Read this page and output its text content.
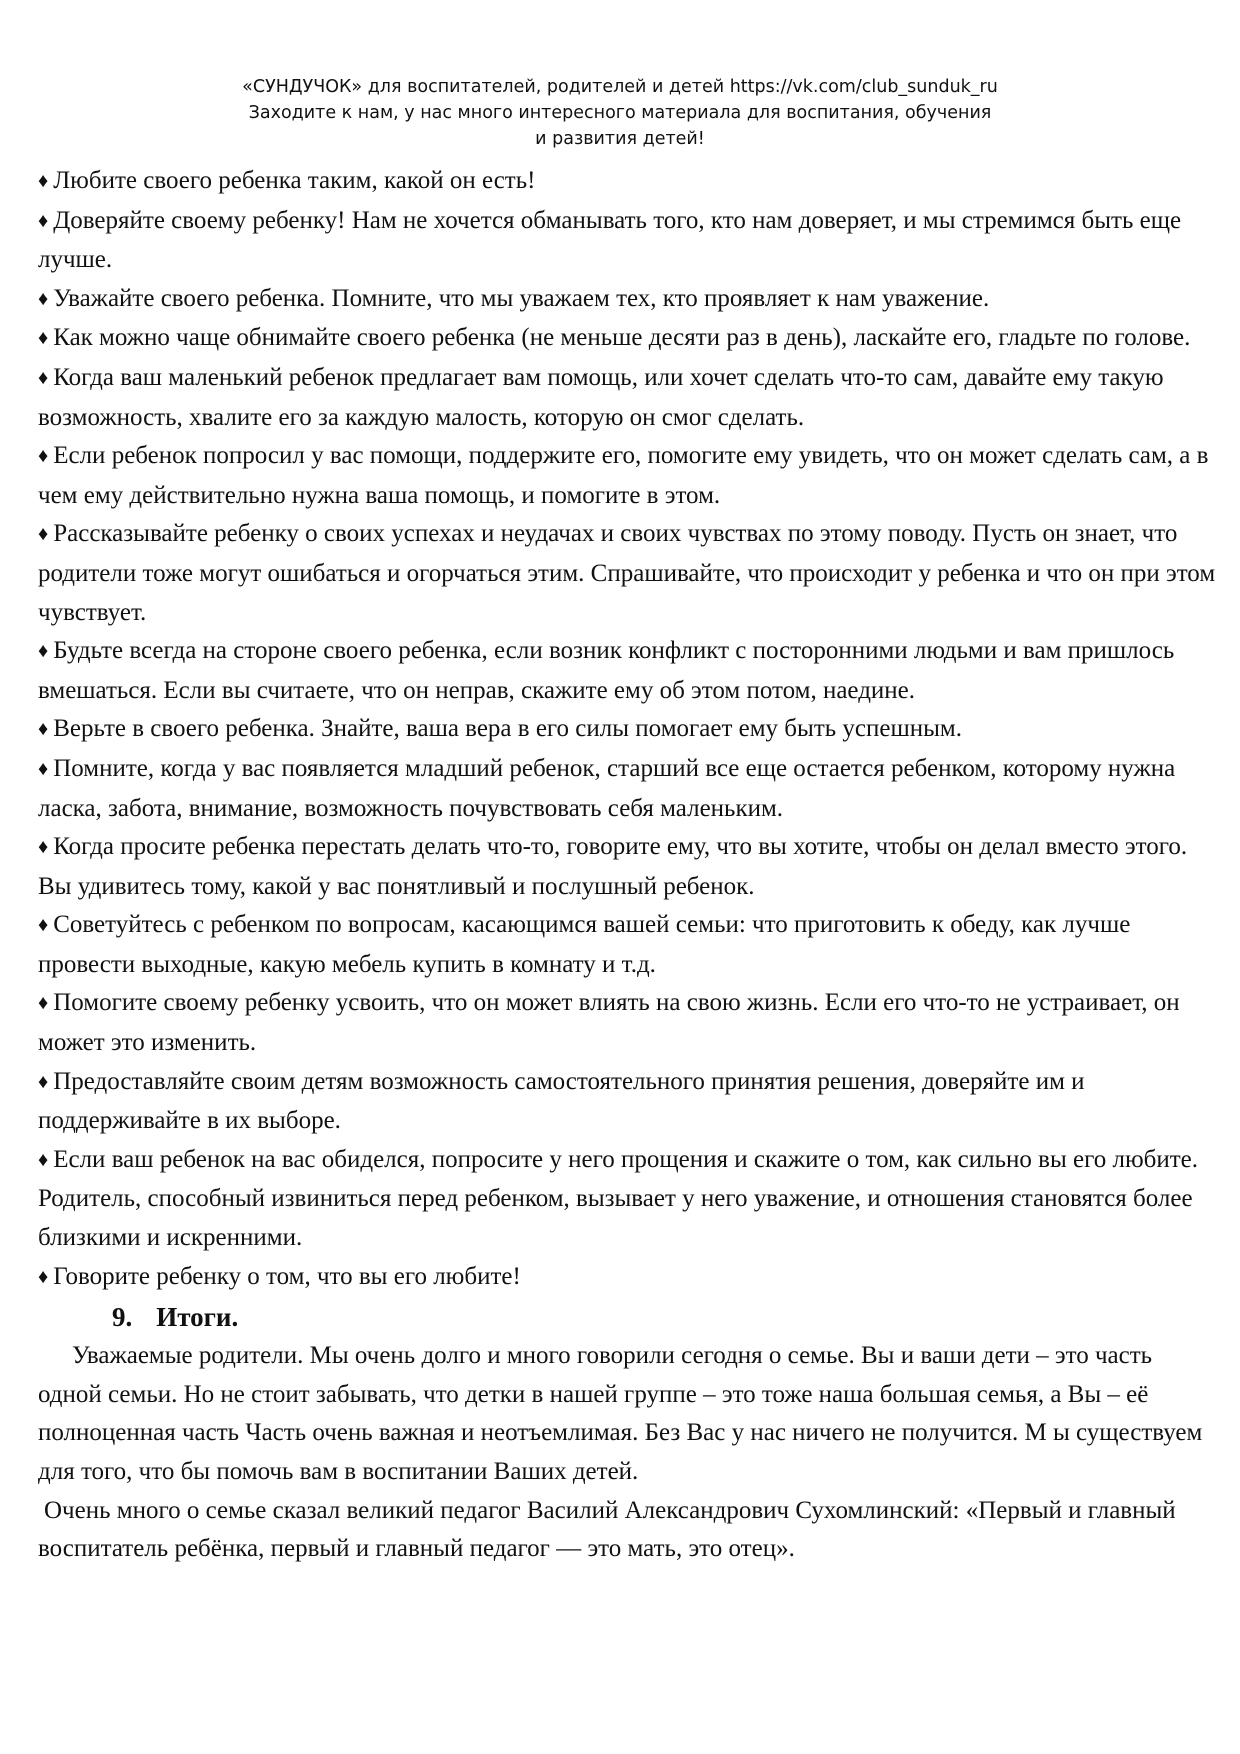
«СУНДУЧОК» для воспитателей, родителей и детей https://vk.com/club_sunduk_ru
Заходите к нам, у нас много интересного материала для воспитания, обучения
и развития детей!

♦ Любите своего ребенка таким, какой он есть!

♦ Доверяйте своему ребенку! Нам не хочется обманывать того, кто нам доверяет, и мы стремимся быть еще лучше.

♦ Уважайте своего ребенка. Помните, что мы уважаем тех, кто проявляет к нам уважение.

♦ Как можно чаще обнимайте своего ребенка (не меньше десяти раз в день), ласкайте его, гладьте по голове.

♦ Когда ваш маленький ребенок предлагает вам помощь, или хочет сделать что-то сам, давайте ему такую возможность, хвалите его за каждую малость, которую он смог сделать.

♦ Если ребенок попросил у вас помощи, поддержите его, помогите ему увидеть, что он может сделать сам, а в чем ему действительно нужна ваша помощь, и помогите в этом.

♦ Рассказывайте ребенку о своих успехах и неудачах и своих чувствах по этому поводу. Пусть он знает, что родители тоже могут ошибаться и огорчаться этим. Спрашивайте, что происходит у ребенка и что он при этом чувствует.

♦ Будьте всегда на стороне своего ребенка, если возник конфликт с посторонними людьми и вам пришлось вмешаться. Если вы считаете, что он неправ, скажите ему об этом потом, наедине.

♦ Верьте в своего ребенка. Знайте, ваша вера в его силы помогает ему быть успешным.

♦ Помните, когда у вас появляется младший ребенок, старший все еще остается ребенком, которому нужна ласка, забота, внимание, возможность почувствовать себя маленьким.

♦ Когда просите ребенка перестать делать что-то, говорите ему, что вы хотите, чтобы он делал вместо этого. Вы удивитесь тому, какой у вас понятливый и послушный ребенок.

♦ Советуйтесь с ребенком по вопросам, касающимся вашей семьи: что приготовить к обеду, как лучше провести выходные, какую мебель купить в комнату и т.д.

♦ Помогите своему ребенку усвоить, что он может влиять на свою жизнь. Если его что-то не устраивает, он может это изменить.

♦ Предоставляйте своим детям возможность самостоятельного принятия решения, доверяйте им и поддерживайте в их выборе.

♦ Если ваш ребенок на вас обиделся, попросите у него прощения и скажите о том, как сильно вы его любите. Родитель, способный извиниться перед ребенком, вызывает у него уважение, и отношения становятся более близкими и искренними.

♦ Говорите ребенку о том, что вы его любите!

9. Итоги.

Уважаемые родители. Мы очень долго и много говорили сегодня о семье. Вы и ваши дети – это часть одной семьи. Но не стоит забывать, что детки в нашей группе – это тоже наша большая семья, а Вы – её полноценная часть Часть очень важная и неотъемлимая. Без Вас у нас ничего не получится. М ы существуем для того, что бы помочь вам в воспитании Ваших детей.

Очень много о семье сказал великий педагог Василий Александрович Сухомлинский: «Первый и главный воспитатель ребёнка, первый и главный педагог — это мать, это отец».
